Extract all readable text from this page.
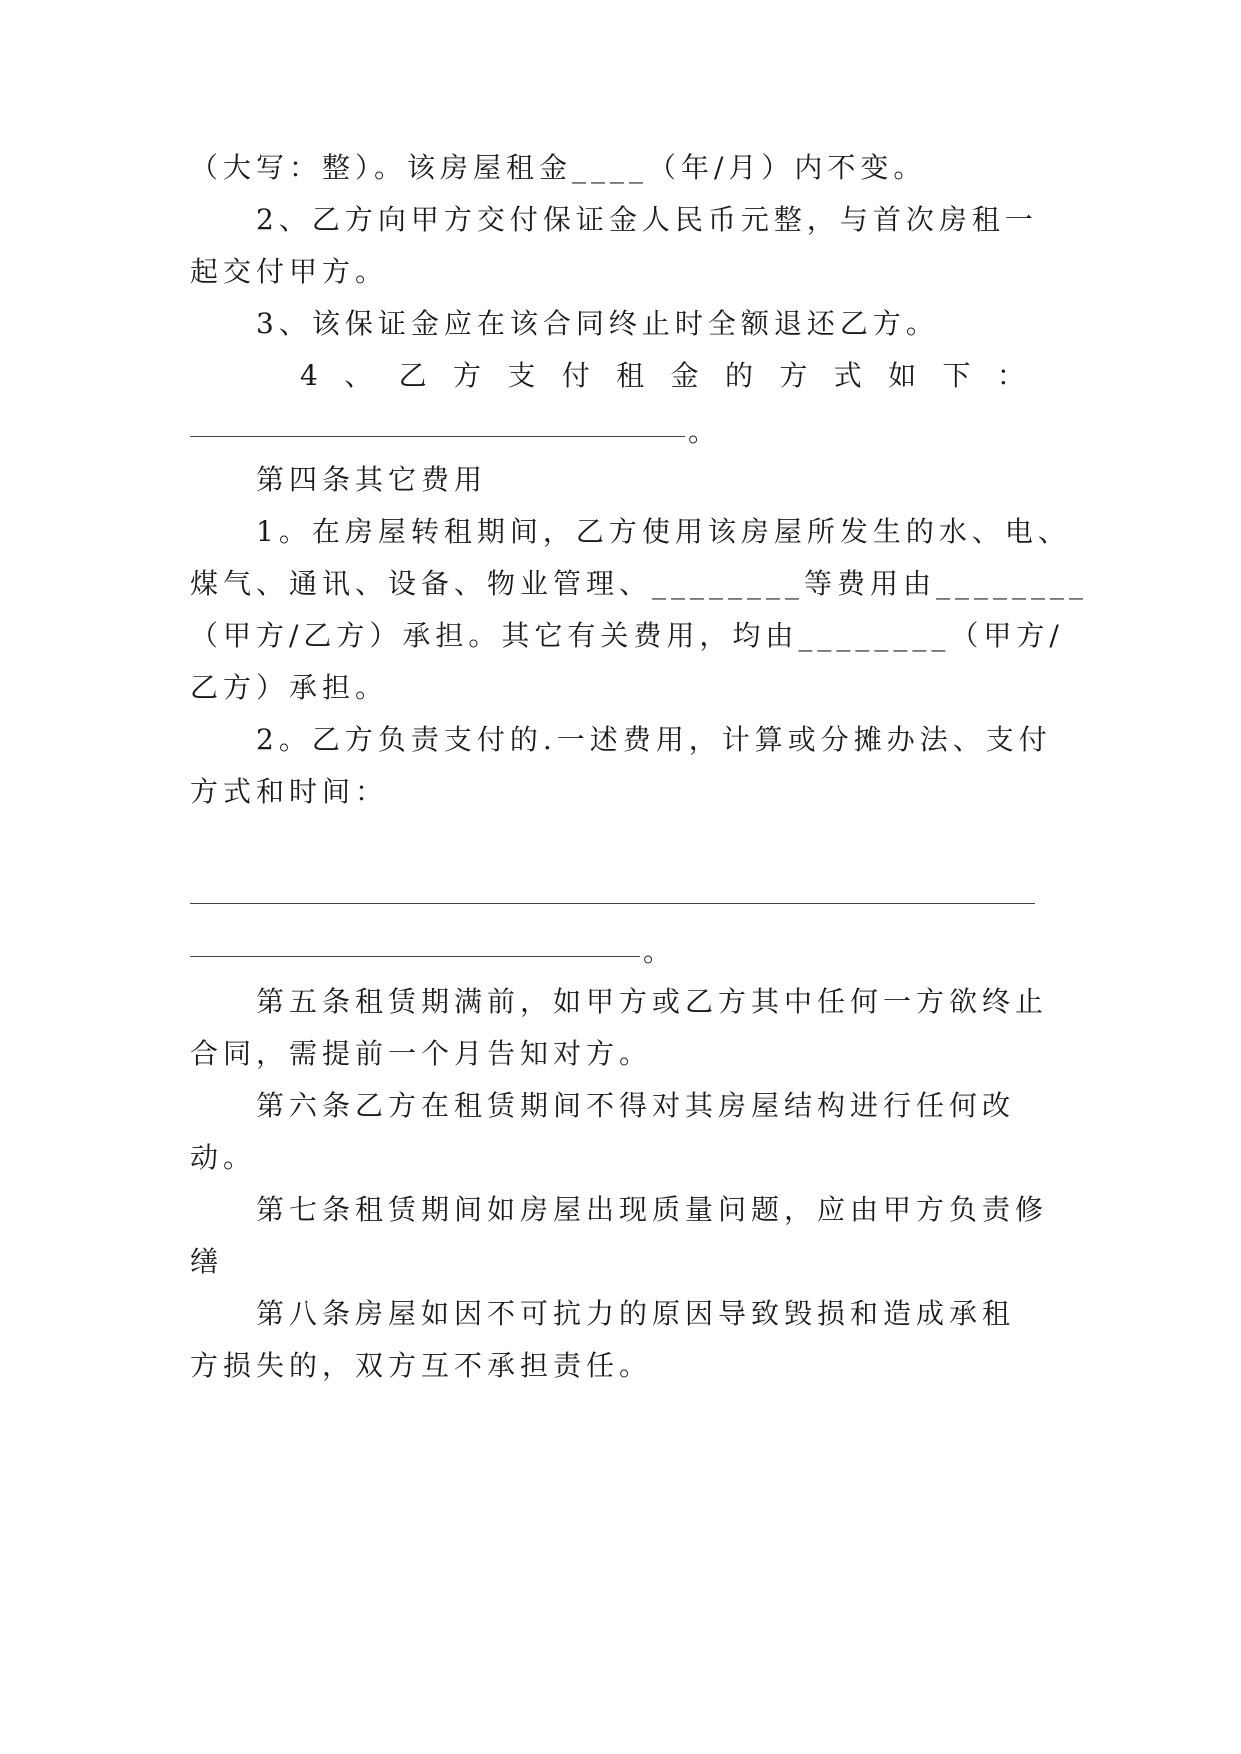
（大写：整）。该房屋租金____（年/月）内不变。
2、乙方向甲方交付保证金人民币元整，与首次房租一
起交付甲方。
3、该保证金应在该合同终止时全额退还乙方。
4 、 乙 方 支 付 租 金 的 方 式 如 下 ：
。
第四条其它费用
1。在房屋转租期间，乙方使用该房屋所发生的水、电、
煤气、通讯、设备、物业管理、________等费用由________
（甲方/乙方）承担。其它有关费用，均由________（甲方/
乙方）承担。
2。乙方负责支付的.一述费用，计算或分摊办法、支付
方式和时间：
。
第五条租赁期满前，如甲方或乙方其中任何一方欲终止
合同，需提前一个月告知对方。
第六条乙方在租赁期间不得对其房屋结构进行任何改
动。
第七条租赁期间如房屋出现质量问题，应由甲方负责修
缮
第八条房屋如因不可抗力的原因导致毁损和造成承租
方损失的，双方互不承担责任。
